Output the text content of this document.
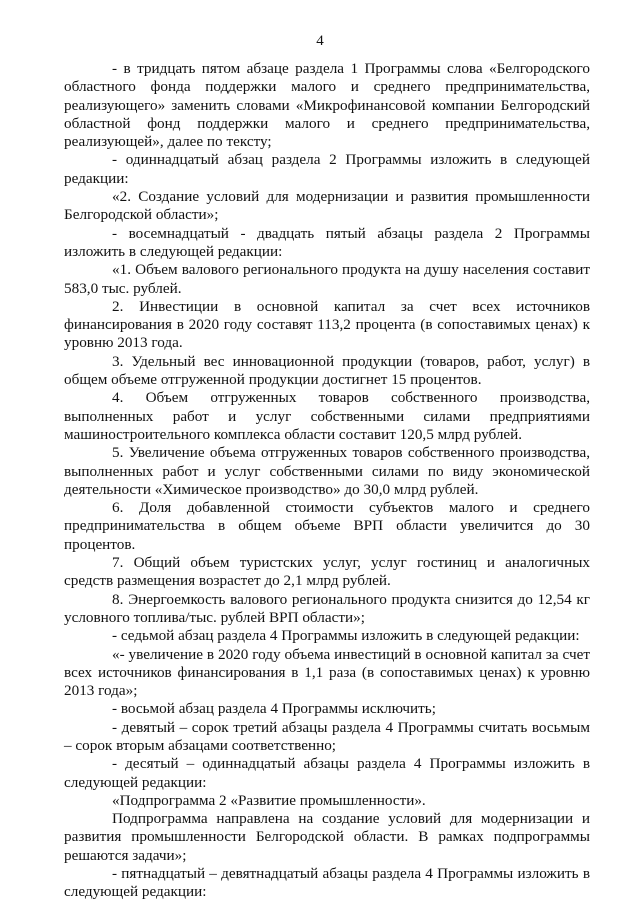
4

- в тридцать пятом абзаце раздела 1 Программы слова «Белгородского областного фонда поддержки малого и среднего предпринимательства, реализующего» заменить словами «Микрофинансовой компании Белгородский областной фонд поддержки малого и среднего предпринимательства, реализующей», далее по тексту;

- одиннадцатый абзац раздела 2 Программы изложить в следующей редакции:

«2. Создание условий для модернизации и развития промышленности Белгородской области»;

- восемнадцатый - двадцать пятый абзацы раздела 2 Программы изложить в следующей редакции:

«1. Объем валового регионального продукта на душу населения составит 583,0 тыс. рублей.

2. Инвестиции в основной капитал за счет всех источников финансирования в 2020 году составят 113,2 процента (в сопоставимых ценах) к уровню 2013 года.

3. Удельный вес инновационной продукции (товаров, работ, услуг) в общем объеме отгруженной продукции достигнет 15 процентов.

4. Объем отгруженных товаров собственного производства, выполненных работ и услуг собственными силами предприятиями машиностроительного комплекса области составит 120,5 млрд рублей.

5. Увеличение объема отгруженных товаров собственного производства, выполненных работ и услуг собственными силами по виду экономической деятельности «Химическое производство» до 30,0 млрд рублей.

6. Доля добавленной стоимости субъектов малого и среднего предпринимательства в общем объеме ВРП области увеличится до 30 процентов.

7. Общий объем туристских услуг, услуг гостиниц и аналогичных средств размещения возрастет до 2,1 млрд рублей.

8. Энергоемкость валового регионального продукта снизится до 12,54 кг условного топлива/тыс. рублей ВРП области»;

- седьмой абзац раздела 4 Программы изложить в следующей редакции:

«- увеличение в 2020 году объема инвестиций в основной капитал за счет всех источников финансирования в 1,1 раза (в сопоставимых ценах) к уровню 2013 года»;

- восьмой абзац раздела 4 Программы исключить;

- девятый – сорок третий абзацы раздела 4 Программы считать восьмым – сорок вторым абзацами соответственно;

- десятый – одиннадцатый абзацы раздела 4 Программы изложить в следующей редакции:

«Подпрограмма 2 «Развитие промышленности».

Подпрограмма направлена на создание условий для модернизации и развития промышленности Белгородской области. В рамках подпрограммы решаются задачи»;

- пятнадцатый – девятнадцатый абзацы раздела 4 Программы изложить в следующей редакции:
